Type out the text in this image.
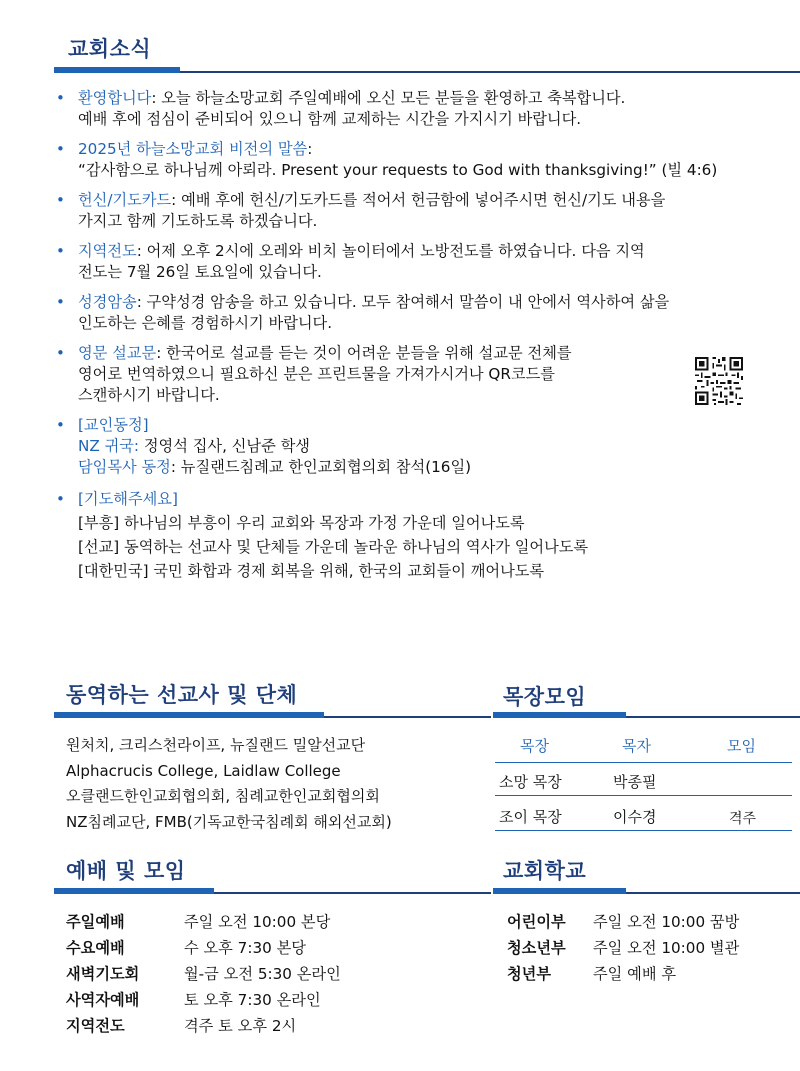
교회소식
• 환영합니다: 오늘 하늘소망교회 주일예배에 오신 모든 분들을 환영하고 축복합니다.
예배 후에 점심이 준비되어 있으니 함께 교제하는 시간을 가지시기 바랍니다.
• 2025년 하늘소망교회 비전의 말씀:
“감사함으로 하나님께 아뢰라. Present your requests to God with thanksgiving!” (빌 4:6)
• 헌신/기도카드: 예배 후에 헌신/기도카드를 적어서 헌금함에 넣어주시면 헌신/기도 내용을
가지고 함께 기도하도록 하겠습니다.
• 지역전도: 어제 오후 2시에 오레와 비치 놀이터에서 노방전도를 하였습니다. 다음 지역
전도는 7월 26일 토요일에 있습니다.
• 성경암송: 구약성경 암송을 하고 있습니다. 모두 참여해서 말씀이 내 안에서 역사하여 삶을
인도하는 은혜를 경험하시기 바랍니다.
• 영문 설교문: 한국어로 설교를 듣는 것이 어려운 분들을 위해 설교문 전체를
영어로 번역하였으니 필요하신 분은 프린트물을 가져가시거나 QR코드를
스캔하시기 바랍니다.
• [교인동정]
NZ 귀국: 정영석 집사, 신남준 학생
담임목사 동정: 뉴질랜드침례교 한인교회협의회 참석(16일)
• [기도해주세요]
[부흥] 하나님의 부흥이 우리 교회와 목장과 가정 가운데 일어나도록
[선교] 동역하는 선교사 및 단체들 가운데 놀라운 하나님의 역사가 일어나도록
[대한민국] 국민 화합과 경제 회복을 위해, 한국의 교회들이 깨어나도록
동역하는 선교사 및 단체
원처치, 크리스천라이프, 뉴질랜드 밀알선교단
Alphacrucis College, Laidlaw College
오클랜드한인교회협의회, 침례교한인교회협의회
NZ침례교단, FMB(기독교한국침례회 해외선교회)
목장모임
목장	목자	모임
소망 목장	박종필
조이 목장	이수경	격주
예배 및 모임
주일예배	주일 오전 10:00 본당
수요예배	수 오후 7:30 본당
새벽기도회	월-금 오전 5:30 온라인
사역자예배	토 오후 7:30 온라인
지역전도	격주 토 오후 2시
교회학교
어린이부 주일 오전 10:00 꿈방
청소년부 주일 오전 10:00 별관
청년부	주일 예배 후
